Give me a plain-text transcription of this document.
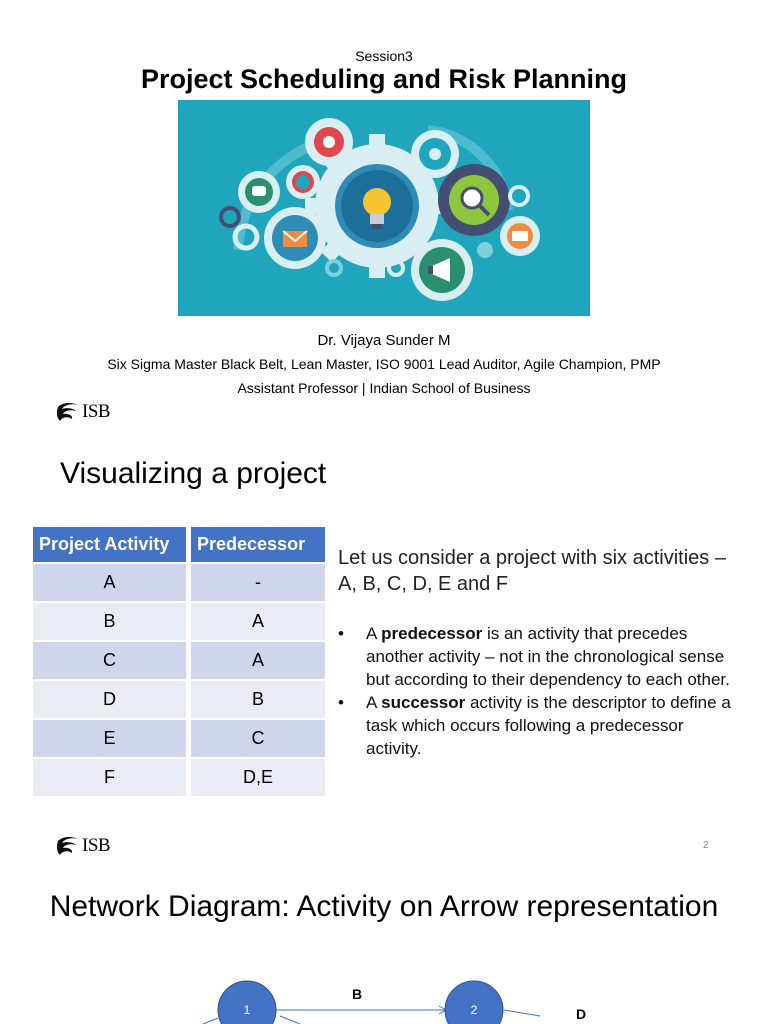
Session3
Project Scheduling and Risk Planning
Dr. Vijaya Sunder M
Six Sigma Master Black Belt, Lean Master, ISO 9001 Lead Auditor, Agile Champion, PMP
Assistant Professor | Indian School of Business
ISB
Visualizing a project
Project Activity	Predecessor
A	-
B	A
C	A
D	B
E	C
F	D,E
Let us consider a project with six activities – A, B, C, D, E and F
• A predecessor is an activity that precedes another activity – not in the chronological sense but according to their dependency to each other.
• A successor activity is the descriptor to define a task which occurs following a predecessor activity.
ISB	2
Network Diagram: Activity on Arrow representation
1	2
B
D
